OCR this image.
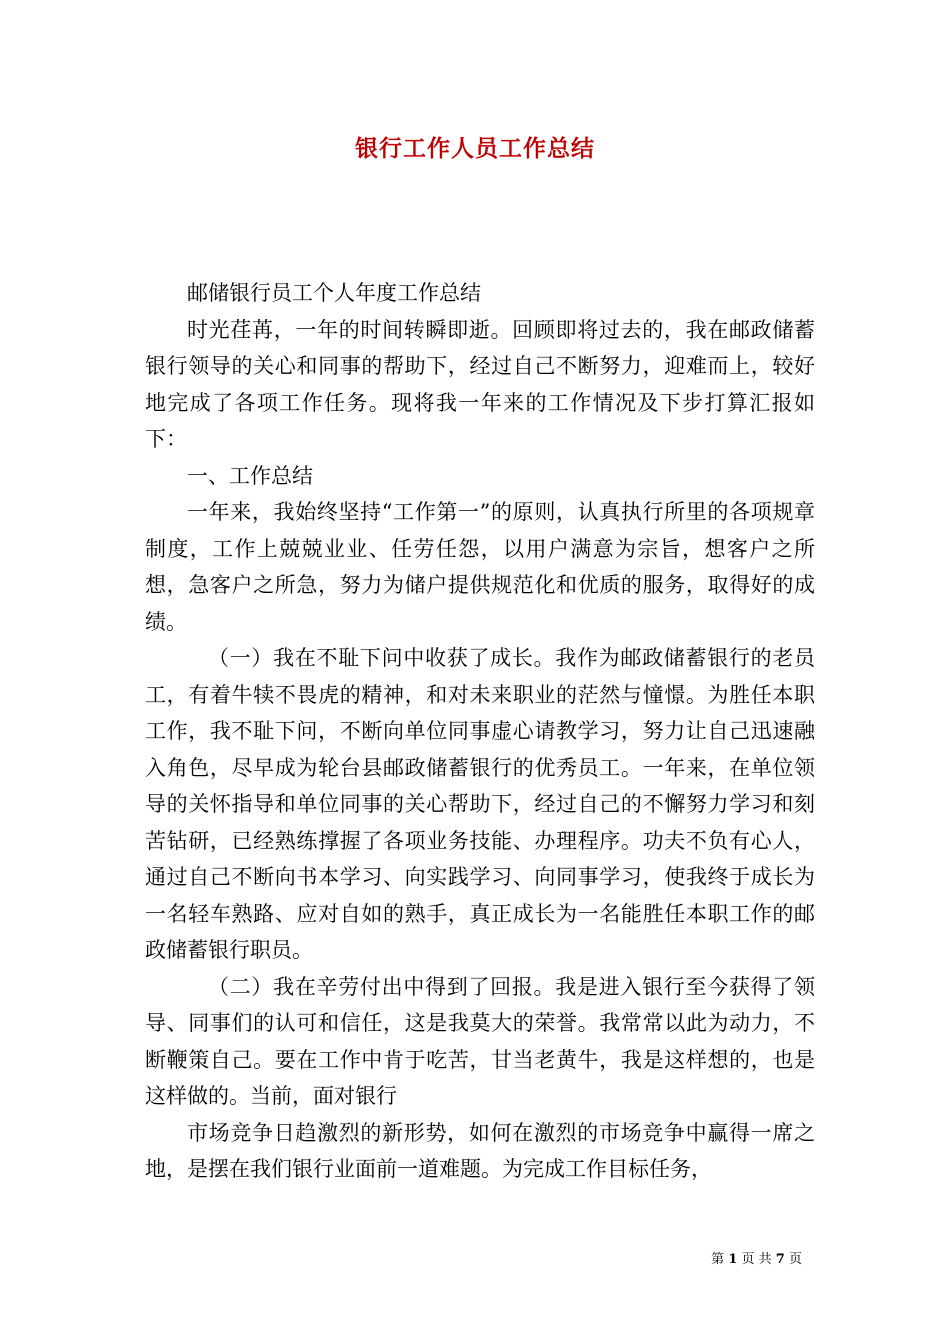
银行工作人员工作总结

邮储银行员工个人年度工作总结

时光荏苒，一年的时间转瞬即逝。回顾即将过去的，我在邮政储蓄银行领导的关心和同事的帮助下，经过自己不断努力，迎难而上，较好地完成了各项工作任务。现将我一年来的工作情况及下步打算汇报如下：

一、工作总结

一年来，我始终坚持“工作第一”的原则，认真执行所里的各项规章制度，工作上兢兢业业、任劳任怨，以用户满意为宗旨，想客户之所想，急客户之所急，努力为储户提供规范化和优质的服务，取得好的成绩。

（一）我在不耻下问中收获了成长。我作为邮政储蓄银行的老员工，有着牛犊不畏虎的精神，和对未来职业的茫然与憧憬。为胜任本职工作，我不耻下问，不断向单位同事虚心请教学习，努力让自己迅速融入角色，尽早成为轮台县邮政储蓄银行的优秀员工。一年来，在单位领导的关怀指导和单位同事的关心帮助下，经过自己的不懈努力学习和刻苦钻研，已经熟练撑握了各项业务技能、办理程序。功夫不负有心人，通过自己不断向书本学习、向实践学习、向同事学习，使我终于成长为一名轻车熟路、应对自如的熟手，真正成长为一名能胜任本职工作的邮政储蓄银行职员。

（二）我在辛劳付出中得到了回报。我是进入银行至今获得了领导、同事们的认可和信任，这是我莫大的荣誉。我常常以此为动力，不断鞭策自己。要在工作中肯于吃苦，甘当老黄牛，我是这样想的，也是这样做的。当前，面对银行

市场竞争日趋激烈的新形势，如何在激烈的市场竞争中赢得一席之地，是摆在我们银行业面前一道难题。为完成工作目标任务，

第 1 页 共 7 页
